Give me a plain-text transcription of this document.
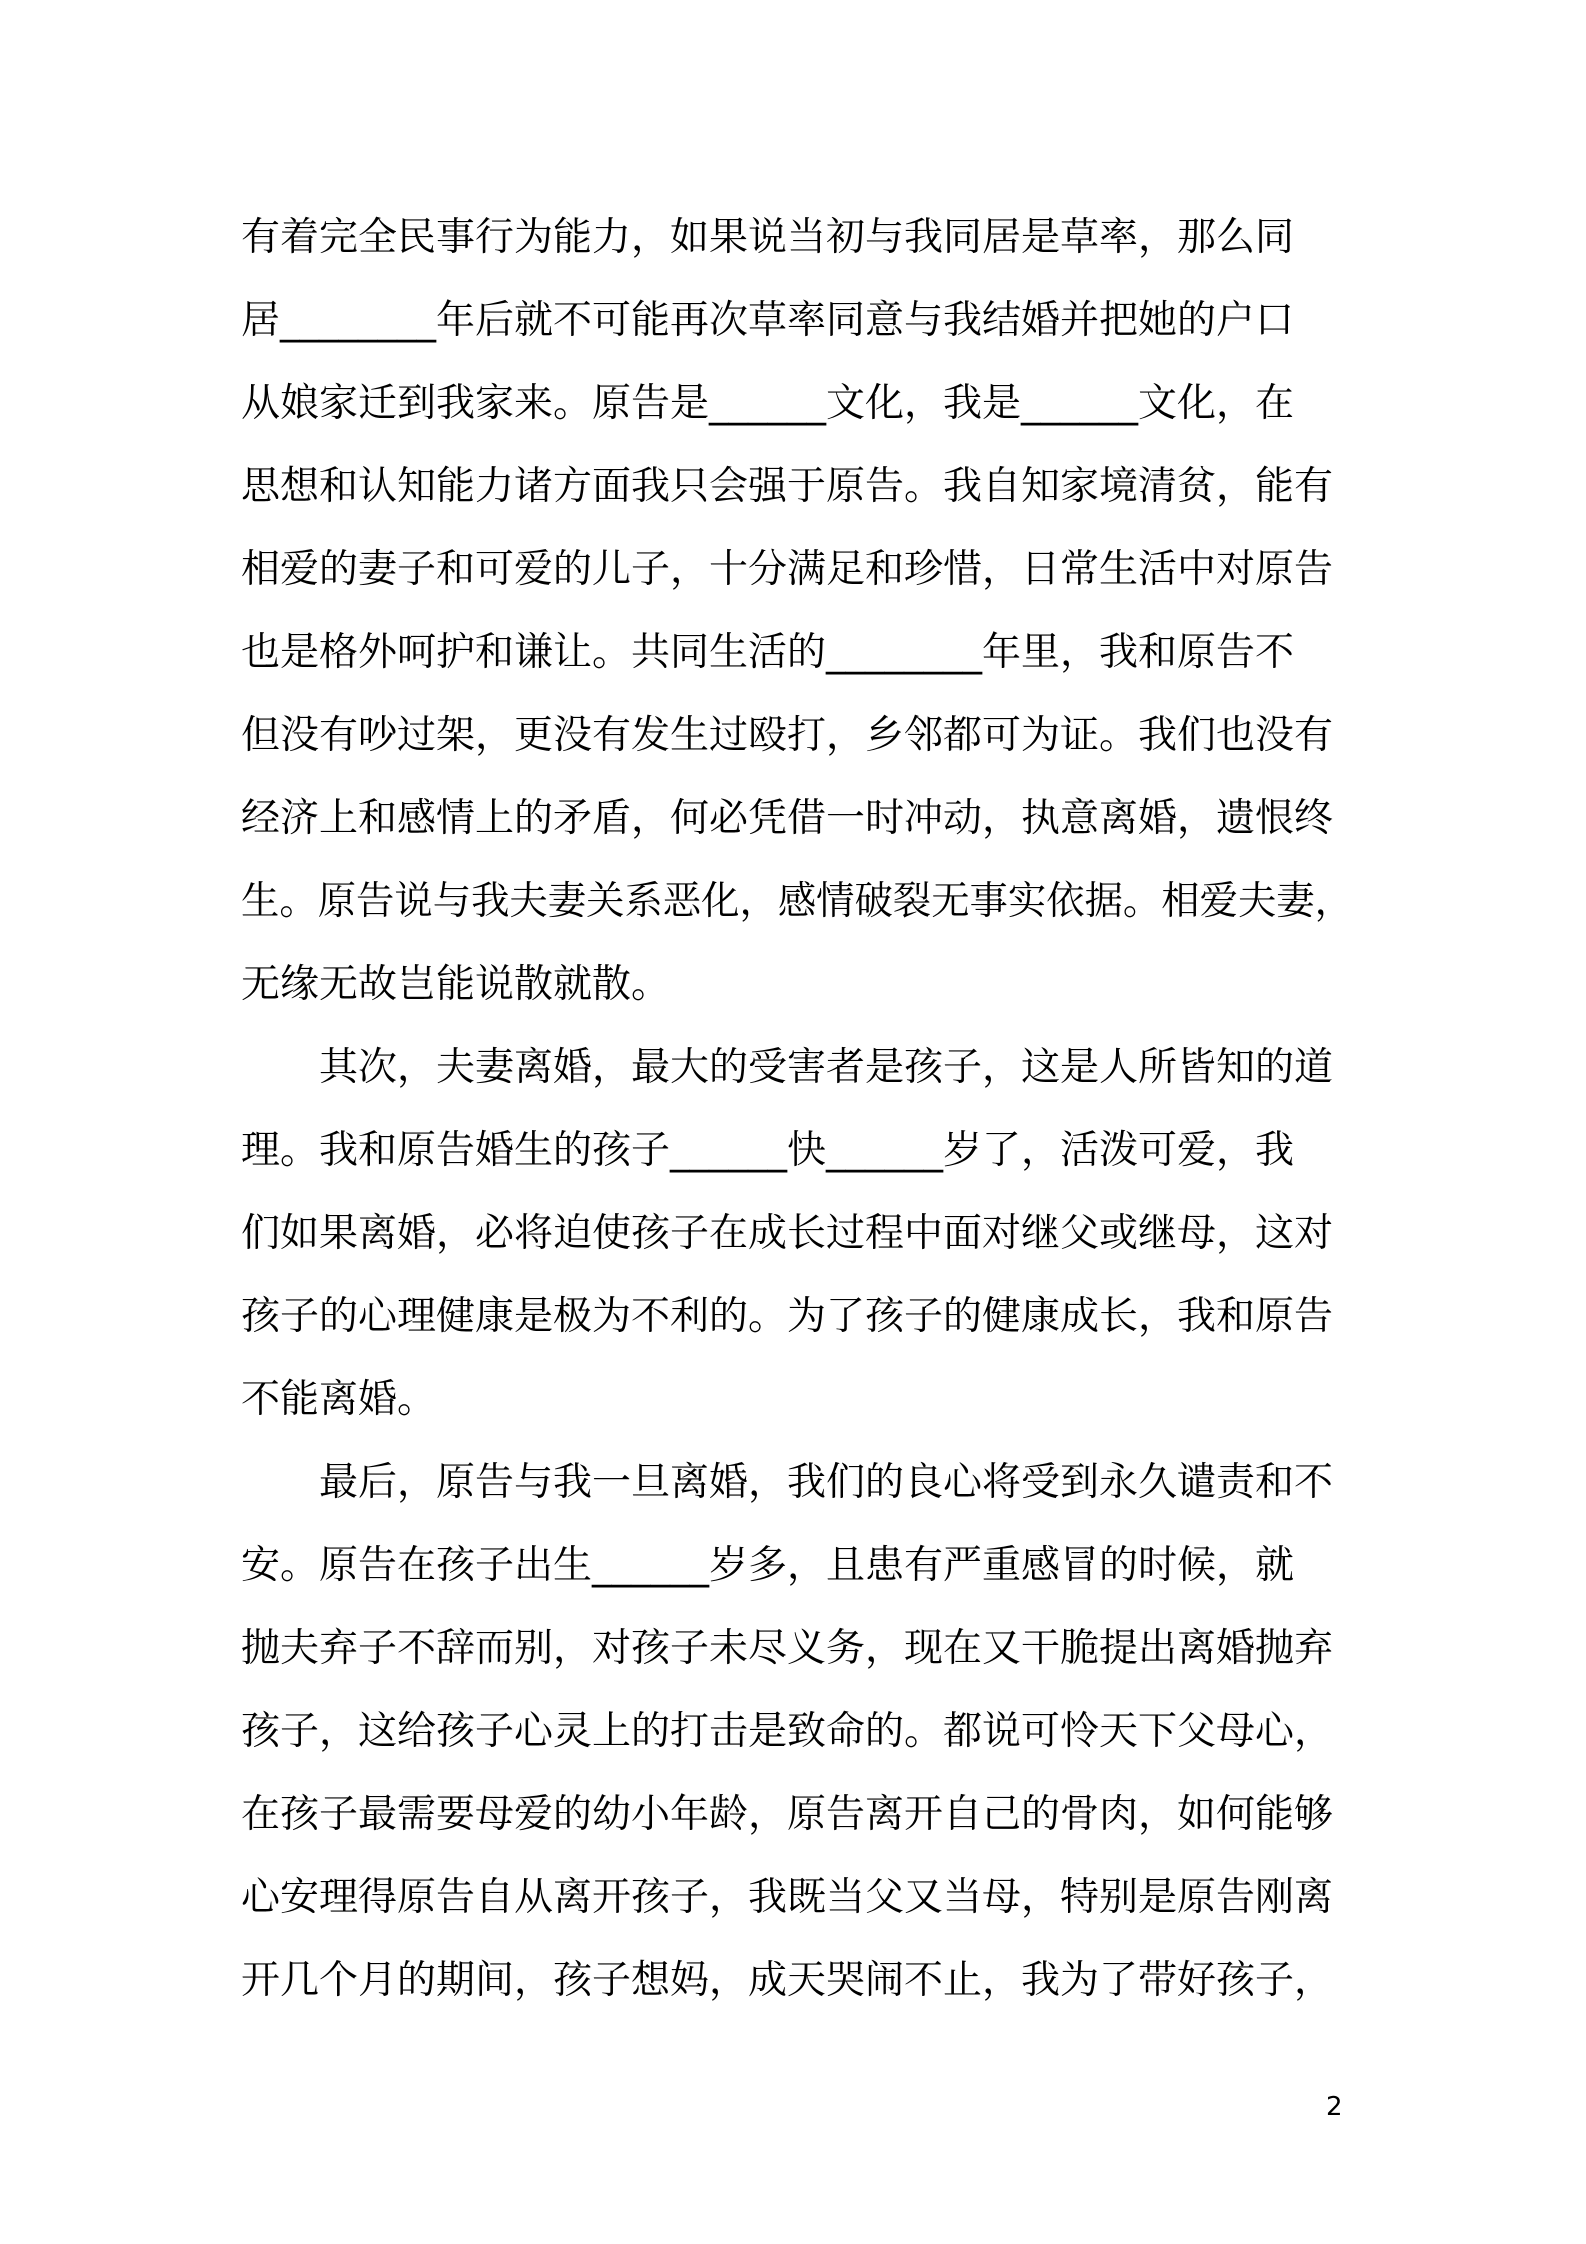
有着完全民事行为能力，如果说当初与我同居是草率，那么同
居________年后就不可能再次草率同意与我结婚并把她的户口
从娘家迁到我家来。原告是______文化，我是______文化，在
思想和认知能力诸方面我只会强于原告。我自知家境清贫，能有
相爱的妻子和可爱的儿子，十分满足和珍惜，日常生活中对原告
也是格外呵护和谦让。共同生活的________年里，我和原告不
但没有吵过架，更没有发生过殴打，乡邻都可为证。我们也没有
经济上和感情上的矛盾，何必凭借一时冲动，执意离婚，遗恨终
生。原告说与我夫妻关系恶化，感情破裂无事实依据。相爱夫妻，
无缘无故岂能说散就散。
　　其次，夫妻离婚，最大的受害者是孩子，这是人所皆知的道
理。我和原告婚生的孩子______快______岁了，活泼可爱，我
们如果离婚，必将迫使孩子在成长过程中面对继父或继母，这对
孩子的心理健康是极为不利的。为了孩子的健康成长，我和原告
不能离婚。
　　最后，原告与我一旦离婚，我们的良心将受到永久谴责和不
安。原告在孩子出生______岁多，且患有严重感冒的时候，就
抛夫弃子不辞而别，对孩子未尽义务，现在又干脆提出离婚抛弃
孩子，这给孩子心灵上的打击是致命的。都说可怜天下父母心，
在孩子最需要母爱的幼小年龄，原告离开自己的骨肉，如何能够
心安理得原告自从离开孩子，我既当父又当母，特别是原告刚离
开几个月的期间，孩子想妈，成天哭闹不止，我为了带好孩子，
2
